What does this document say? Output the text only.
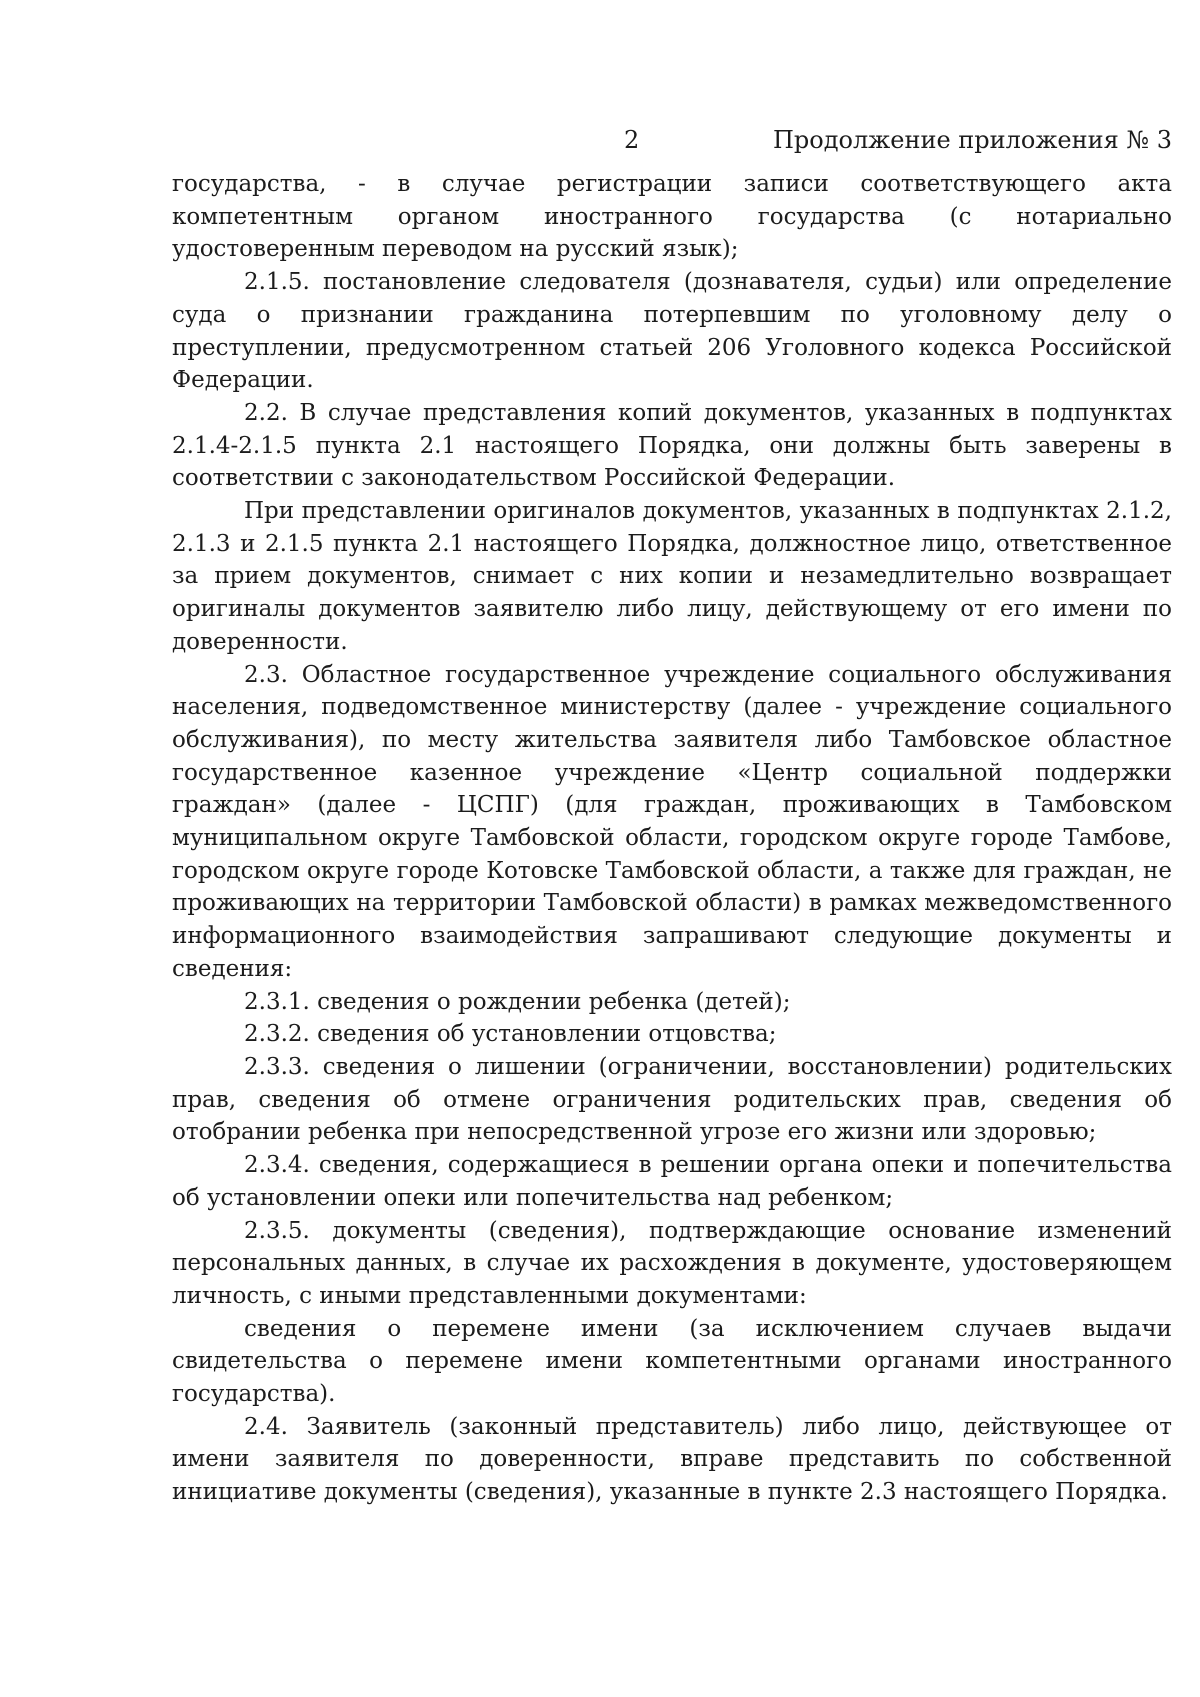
2	Продолжение приложения № 3

государства, - в случае регистрации записи соответствующего акта компетентным органом иностранного государства (с нотариально удостоверенным переводом на русский язык);

2.1.5. постановление следователя (дознавателя, судьи) или определение суда о признании гражданина потерпевшим по уголовному делу о преступлении, предусмотренном статьей 206 Уголовного кодекса Российской Федерации.

2.2. В случае представления копий документов, указанных в подпунктах 2.1.4-2.1.5 пункта 2.1 настоящего Порядка, они должны быть заверены в соответствии с законодательством Российской Федерации.

При представлении оригиналов документов, указанных в подпунктах 2.1.2, 2.1.3 и 2.1.5 пункта 2.1 настоящего Порядка, должностное лицо, ответственное за прием документов, снимает с них копии и незамедлительно возвращает оригиналы документов заявителю либо лицу, действующему от его имени по доверенности.

2.3. Областное государственное учреждение социального обслуживания населения, подведомственное министерству (далее - учреждение социального обслуживания), по месту жительства заявителя либо Тамбовское областное государственное казенное учреждение «Центр социальной поддержки граждан» (далее - ЦСПГ) (для граждан, проживающих в Тамбовском муниципальном округе Тамбовской области, городском округе городе Тамбове, городском округе городе Котовске Тамбовской области, а также для граждан, не проживающих на территории Тамбовской области) в рамках межведомственного информационного взаимодействия запрашивают следующие документы и сведения:

2.3.1. сведения о рождении ребенка (детей);

2.3.2. сведения об установлении отцовства;

2.3.3. сведения о лишении (ограничении, восстановлении) родительских прав, сведения об отмене ограничения родительских прав, сведения об отобрании ребенка при непосредственной угрозе его жизни или здоровью;

2.3.4. сведения, содержащиеся в решении органа опеки и попечительства об установлении опеки или попечительства над ребенком;

2.3.5. документы (сведения), подтверждающие основание изменений персональных данных, в случае их расхождения в документе, удостоверяющем личность, с иными представленными документами:

сведения о перемене имени (за исключением случаев выдачи свидетельства о перемене имени компетентными органами иностранного государства).

2.4. Заявитель (законный представитель) либо лицо, действующее от имени заявителя по доверенности, вправе представить по собственной инициативе документы (сведения), указанные в пункте 2.3 настоящего Порядка.
